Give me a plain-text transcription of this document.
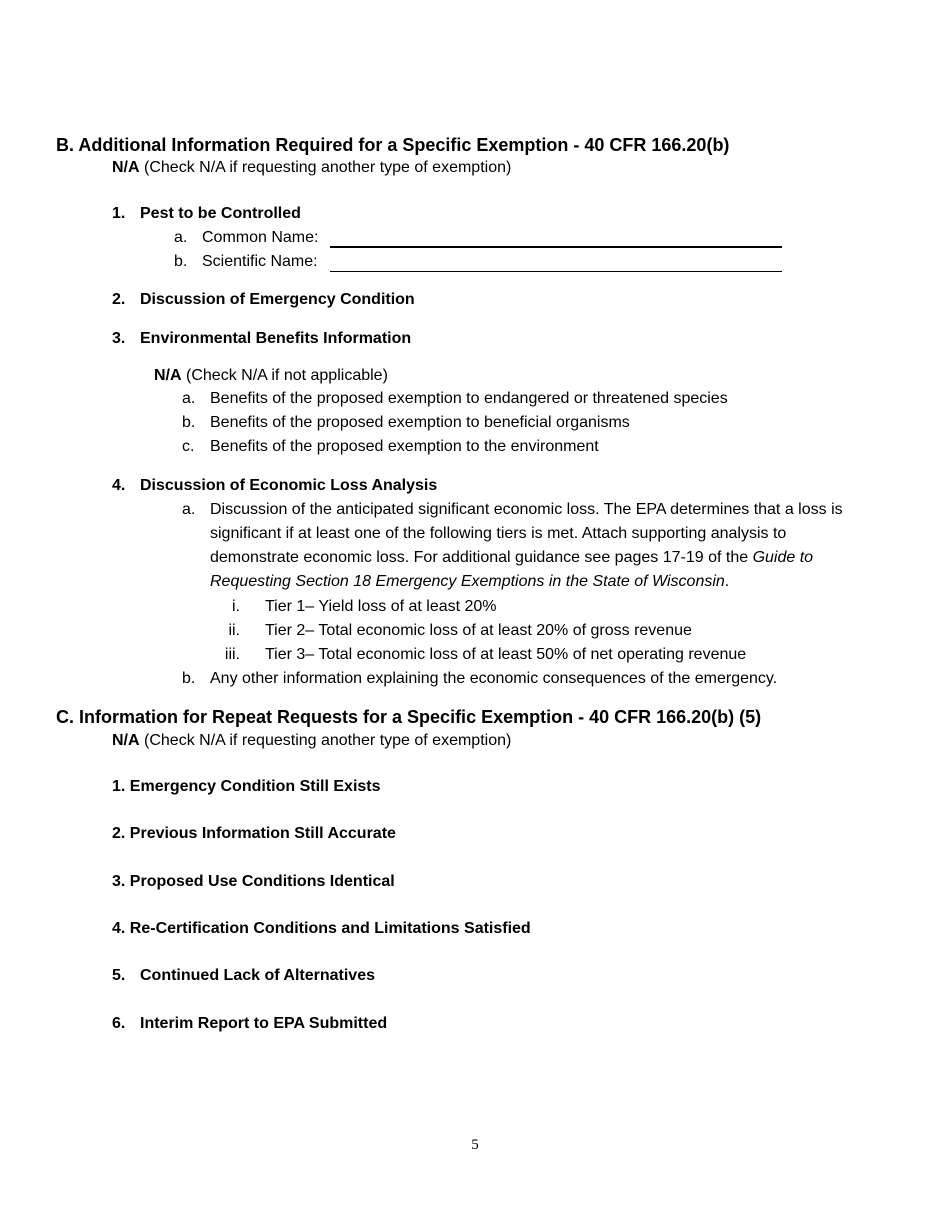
B. Additional Information Required for a Specific Exemption - 40 CFR 166.20(b)
N/A (Check N/A if requesting another type of exemption)
1. Pest to be Controlled
a. Common Name:
b. Scientific Name:
2. Discussion of Emergency Condition
3. Environmental Benefits Information
N/A (Check N/A if not applicable)
a. Benefits of the proposed exemption to endangered or threatened species
b. Benefits of the proposed exemption to beneficial organisms
c. Benefits of the proposed exemption to the environment
4. Discussion of Economic Loss Analysis
a. Discussion of the anticipated significant economic loss. The EPA determines that a loss is
significant if at least one of the following tiers is met. Attach supporting analysis to
demonstrate economic loss. For additional guidance see pages 17-19 of the Guide to
Requesting Section 18 Emergency Exemptions in the State of Wisconsin.
i. Tier 1– Yield loss of at least 20%
ii. Tier 2– Total economic loss of at least 20% of gross revenue
iii. Tier 3– Total economic loss of at least 50% of net operating revenue
b. Any other information explaining the economic consequences of the emergency.
C. Information for Repeat Requests for a Specific Exemption - 40 CFR 166.20(b) (5)
N/A (Check N/A if requesting another type of exemption)
1. Emergency Condition Still Exists
2. Previous Information Still Accurate
3. Proposed Use Conditions Identical
4. Re-Certification Conditions and Limitations Satisfied
5. Continued Lack of Alternatives
6. Interim Report to EPA Submitted
5
